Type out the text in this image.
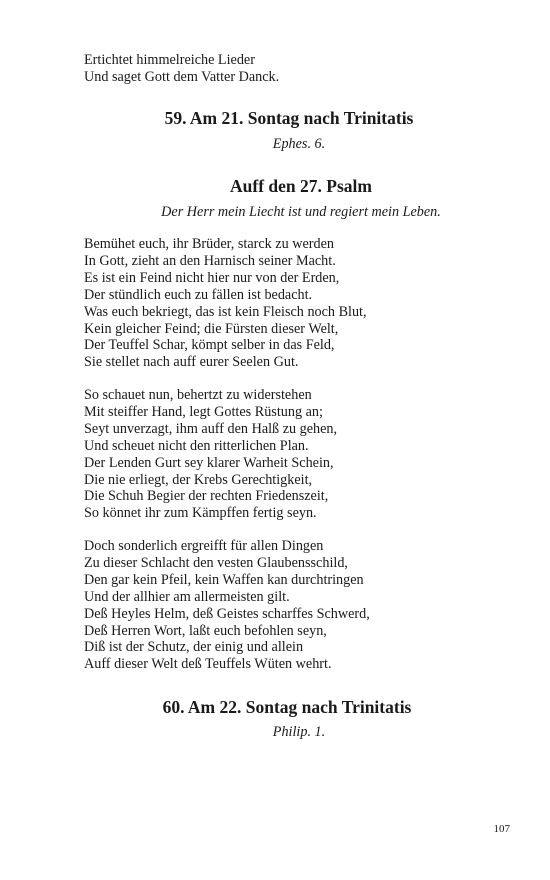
Ertichtet himmelreiche Lieder
Und saget Gott dem Vatter Danck.
59. Am 21. Sontag nach Trinitatis
Ephes. 6.
Auff den 27. Psalm
Der Herr mein Liecht ist und regiert mein Leben.
Bemühet euch, ihr Brüder, starck zu werden
In Gott, zieht an den Harnisch seiner Macht.
Es ist ein Feind nicht hier nur von der Erden,
Der stündlich euch zu fällen ist bedacht.
Was euch bekriegt, das ist kein Fleisch noch Blut,
Kein gleicher Feind; die Fürsten dieser Welt,
Der Teuffel Schar, kömpt selber in das Feld,
Sie stellet nach auff eurer Seelen Gut.
So schauet nun, behertzt zu widerstehen
Mit steiffer Hand, legt Gottes Rüstung an;
Seyt unverzagt, ihm auff den Halß zu gehen,
Und scheuet nicht den ritterlichen Plan.
Der Lenden Gurt sey klarer Warheit Schein,
Die nie erliegt, der Krebs Gerechtigkeit,
Die Schuh Begier der rechten Friedenszeit,
So könnet ihr zum Kämpffen fertig seyn.
Doch sonderlich ergreifft für allen Dingen
Zu dieser Schlacht den vesten Glaubensschild,
Den gar kein Pfeil, kein Waffen kan durchtringen
Und der allhier am allermeisten gilt.
Deß Heyles Helm, deß Geistes scharffes Schwerd,
Deß Herren Wort, laßt euch befohlen seyn,
Diß ist der Schutz, der einig und allein
Auff dieser Welt deß Teuffels Wüten wehrt.
60. Am 22. Sontag nach Trinitatis
Philip. 1.
107
